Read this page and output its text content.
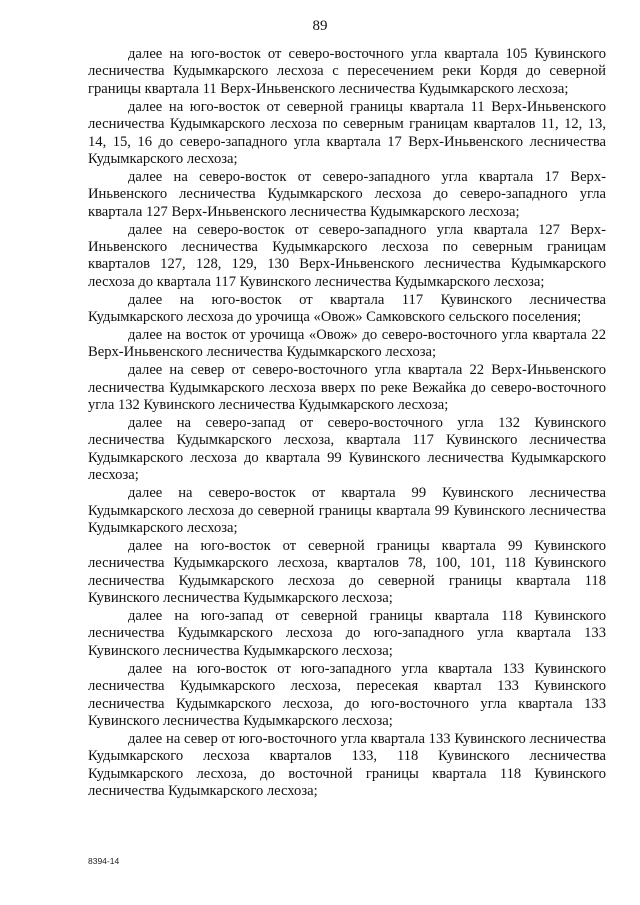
89

далее на юго-восток от северо-восточного угла квартала 105 Кувинского лесничества Кудымкарского лесхоза с пересечением реки Кордя до северной границы квартала 11 Верх-Иньвенского лесничества Кудымкарского лесхоза;

далее на юго-восток от северной границы квартала 11 Верх-Иньвенского лесничества Кудымкарского лесхоза по северным границам кварталов 11, 12, 13, 14, 15, 16 до северо-западного угла квартала 17 Верх-Иньвенского лесничества Кудымкарского лесхоза;

далее на северо-восток от северо-западного угла квартала 17 Верх-Иньвенского лесничества Кудымкарского лесхоза до северо-западного угла квартала 127 Верх-Иньвенского лесничества Кудымкарского лесхоза;

далее на северо-восток от северо-западного угла квартала 127 Верх-Иньвенского лесничества Кудымкарского лесхоза по северным границам кварталов 127, 128, 129, 130 Верх-Иньвенского лесничества Кудымкарского лесхоза до квартала 117 Кувинского лесничества Кудымкарского лесхоза;

далее на юго-восток от квартала 117 Кувинского лесничества Кудымкарского лесхоза до урочища «Овож» Самковского сельского поселения;

далее на восток от урочища «Овож» до северо-восточного угла квартала 22 Верх-Иньвенского лесничества Кудымкарского лесхоза;

далее на север от северо-восточного угла квартала 22 Верх-Иньвенского лесничества Кудымкарского лесхоза вверх по реке Вежайка до северо-восточного угла 132 Кувинского лесничества Кудымкарского лесхоза;

далее на северо-запад от северо-восточного угла 132 Кувинского лесничества Кудымкарского лесхоза, квартала 117 Кувинского лесничества Кудымкарского лесхоза до квартала 99 Кувинского лесничества Кудымкарского лесхоза;

далее на северо-восток от квартала 99 Кувинского лесничества Кудымкарского лесхоза до северной границы квартала 99 Кувинского лесничества Кудымкарского лесхоза;

далее на юго-восток от северной границы квартала 99 Кувинского лесничества Кудымкарского лесхоза, кварталов 78, 100, 101, 118 Кувинского лесничества Кудымкарского лесхоза до северной границы квартала 118 Кувинского лесничества Кудымкарского лесхоза;

далее на юго-запад от северной границы квартала 118 Кувинского лесничества Кудымкарского лесхоза до юго-западного угла квартала 133 Кувинского лесничества Кудымкарского лесхоза;

далее на юго-восток от юго-западного угла квартала 133 Кувинского лесничества Кудымкарского лесхоза, пересекая квартал 133 Кувинского лесничества Кудымкарского лесхоза, до юго-восточного угла квартала 133 Кувинского лесничества Кудымкарского лесхоза;

далее на север от юго-восточного угла квартала 133 Кувинского лесничества Кудымкарского лесхоза кварталов 133, 118 Кувинского лесничества Кудымкарского лесхоза, до восточной границы квартала 118 Кувинского лесничества Кудымкарского лесхоза;

8394-14
